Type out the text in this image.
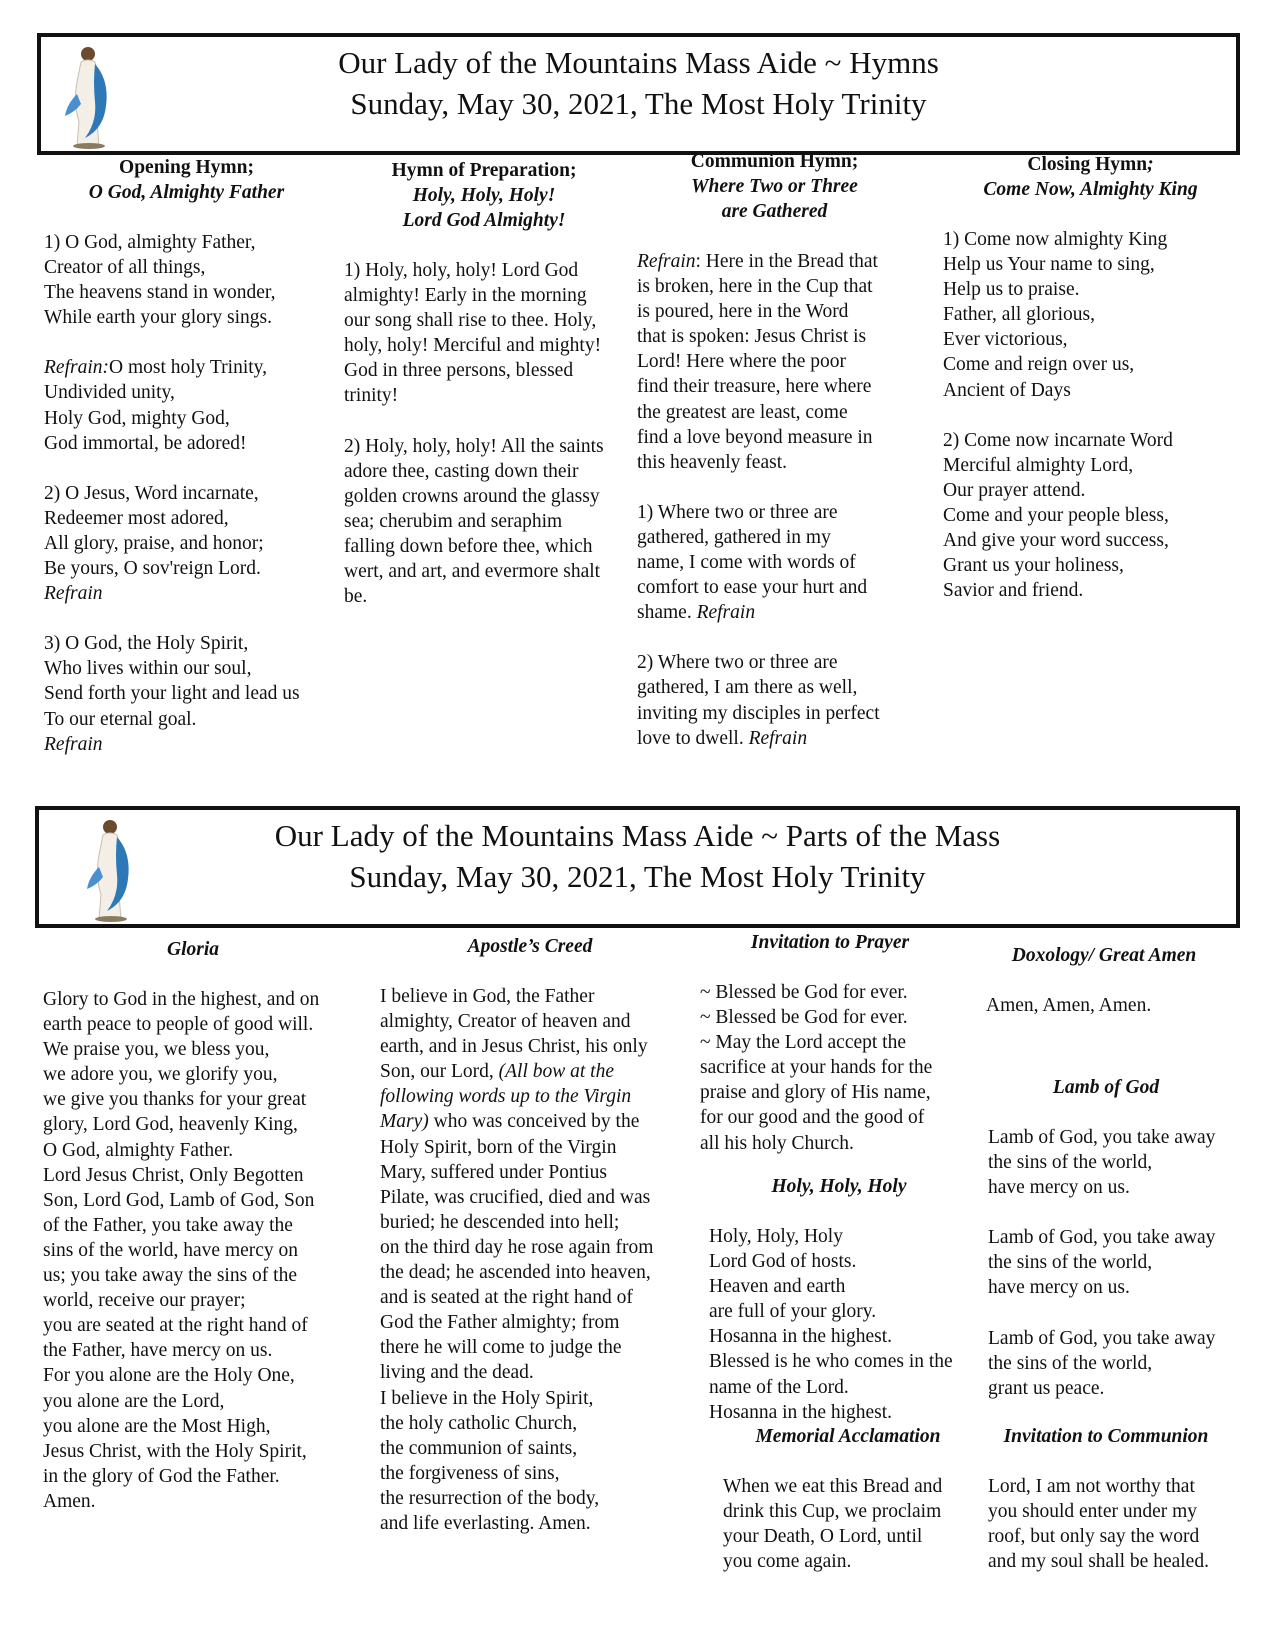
Our Lady of the Mountains Mass Aide ~ Hymns
Sunday, May 30, 2021, The Most Holy Trinity
Opening Hymn;
O God, Almighty Father
1) O God, almighty Father,
Creator of all things,
The heavens stand in wonder,
While earth your glory sings.
Refrain:O most holy Trinity,
Undivided unity,
Holy God, mighty God,
God immortal, be adored!
2) O Jesus, Word incarnate,
Redeemer most adored,
All glory, praise, and honor;
Be yours, O sov'reign Lord.
Refrain
3) O God, the Holy Spirit,
Who lives within our soul,
Send forth your light and lead us
To our eternal goal.
Refrain
Hymn of Preparation;
Holy, Holy, Holy!
Lord God Almighty!
1) Holy, holy, holy! Lord God
almighty! Early in the morning
our song shall rise to thee. Holy,
holy, holy! Merciful and mighty!
God in three persons, blessed
trinity!
2) Holy, holy, holy! All the saints
adore thee, casting down their
golden crowns around the glassy
sea; cherubim and seraphim
falling down before thee, which
wert, and art, and evermore shalt
be.
Communion Hymn;
Where Two or Three
are Gathered
Refrain: Here in the Bread that
is broken, here in the Cup that
is poured, here in the Word
that is spoken: Jesus Christ is
Lord! Here where the poor
find their treasure, here where
the greatest are least, come
find a love beyond measure in
this heavenly feast.
1) Where two or three are
gathered, gathered in my
name, I come with words of
comfort to ease your hurt and
shame. Refrain
2) Where two or three are
gathered, I am there as well,
inviting my disciples in perfect
love to dwell. Refrain
Closing Hymn;
Come Now, Almighty King
1) Come now almighty King
Help us Your name to sing,
Help us to praise.
Father, all glorious,
Ever victorious,
Come and reign over us,
Ancient of Days
2) Come now incarnate Word
Merciful almighty Lord,
Our prayer attend.
Come and your people bless,
And give your word success,
Grant us your holiness,
Savior and friend.
Our Lady of the Mountains Mass Aide ~ Parts of the Mass
Sunday, May 30, 2021, The Most Holy Trinity
Gloria
Glory to God in the highest, and on
earth peace to people of good will.
We praise you, we bless you,
we adore you, we glorify you,
we give you thanks for your great
glory, Lord God, heavenly King,
O God, almighty Father.
Lord Jesus Christ, Only Begotten
Son, Lord God, Lamb of God, Son
of the Father, you take away the
sins of the world, have mercy on
us; you take away the sins of the
world, receive our prayer;
you are seated at the right hand of
the Father, have mercy on us.
For you alone are the Holy One,
you alone are the Lord,
you alone are the Most High,
Jesus Christ, with the Holy Spirit,
in the glory of God the Father.
Amen.
Apostle’s Creed
I believe in God, the Father
almighty, Creator of heaven and
earth, and in Jesus Christ, his only
Son, our Lord, (All bow at the
following words up to the Virgin
Mary) who was conceived by the
Holy Spirit, born of the Virgin
Mary, suffered under Pontius
Pilate, was crucified, died and was
buried; he descended into hell;
on the third day he rose again from
the dead; he ascended into heaven,
and is seated at the right hand of
God the Father almighty; from
there he will come to judge the
living and the dead.
I believe in the Holy Spirit,
the holy catholic Church,
the communion of saints,
the forgiveness of sins,
the resurrection of the body,
and life everlasting. Amen.
Invitation to Prayer
~ Blessed be God for ever.
~ Blessed be God for ever.
~ May the Lord accept the
sacrifice at your hands for the
praise and glory of His name,
for our good and the good of
all his holy Church.
Holy, Holy, Holy
Holy, Holy, Holy
Lord God of hosts.
Heaven and earth
are full of your glory.
Hosanna in the highest.
Blessed is he who comes in the
name of the Lord.
Hosanna in the highest.
Memorial Acclamation
When we eat this Bread and
drink this Cup, we proclaim
your Death, O Lord, until
you come again.
Doxology/ Great Amen
Amen, Amen, Amen.
Lamb of God
Lamb of God, you take away
the sins of the world,
have mercy on us.
Lamb of God, you take away
the sins of the world,
have mercy on us.
Lamb of God, you take away
the sins of the world,
grant us peace.
Invitation to Communion
Lord, I am not worthy that
you should enter under my
roof, but only say the word
and my soul shall be healed.
